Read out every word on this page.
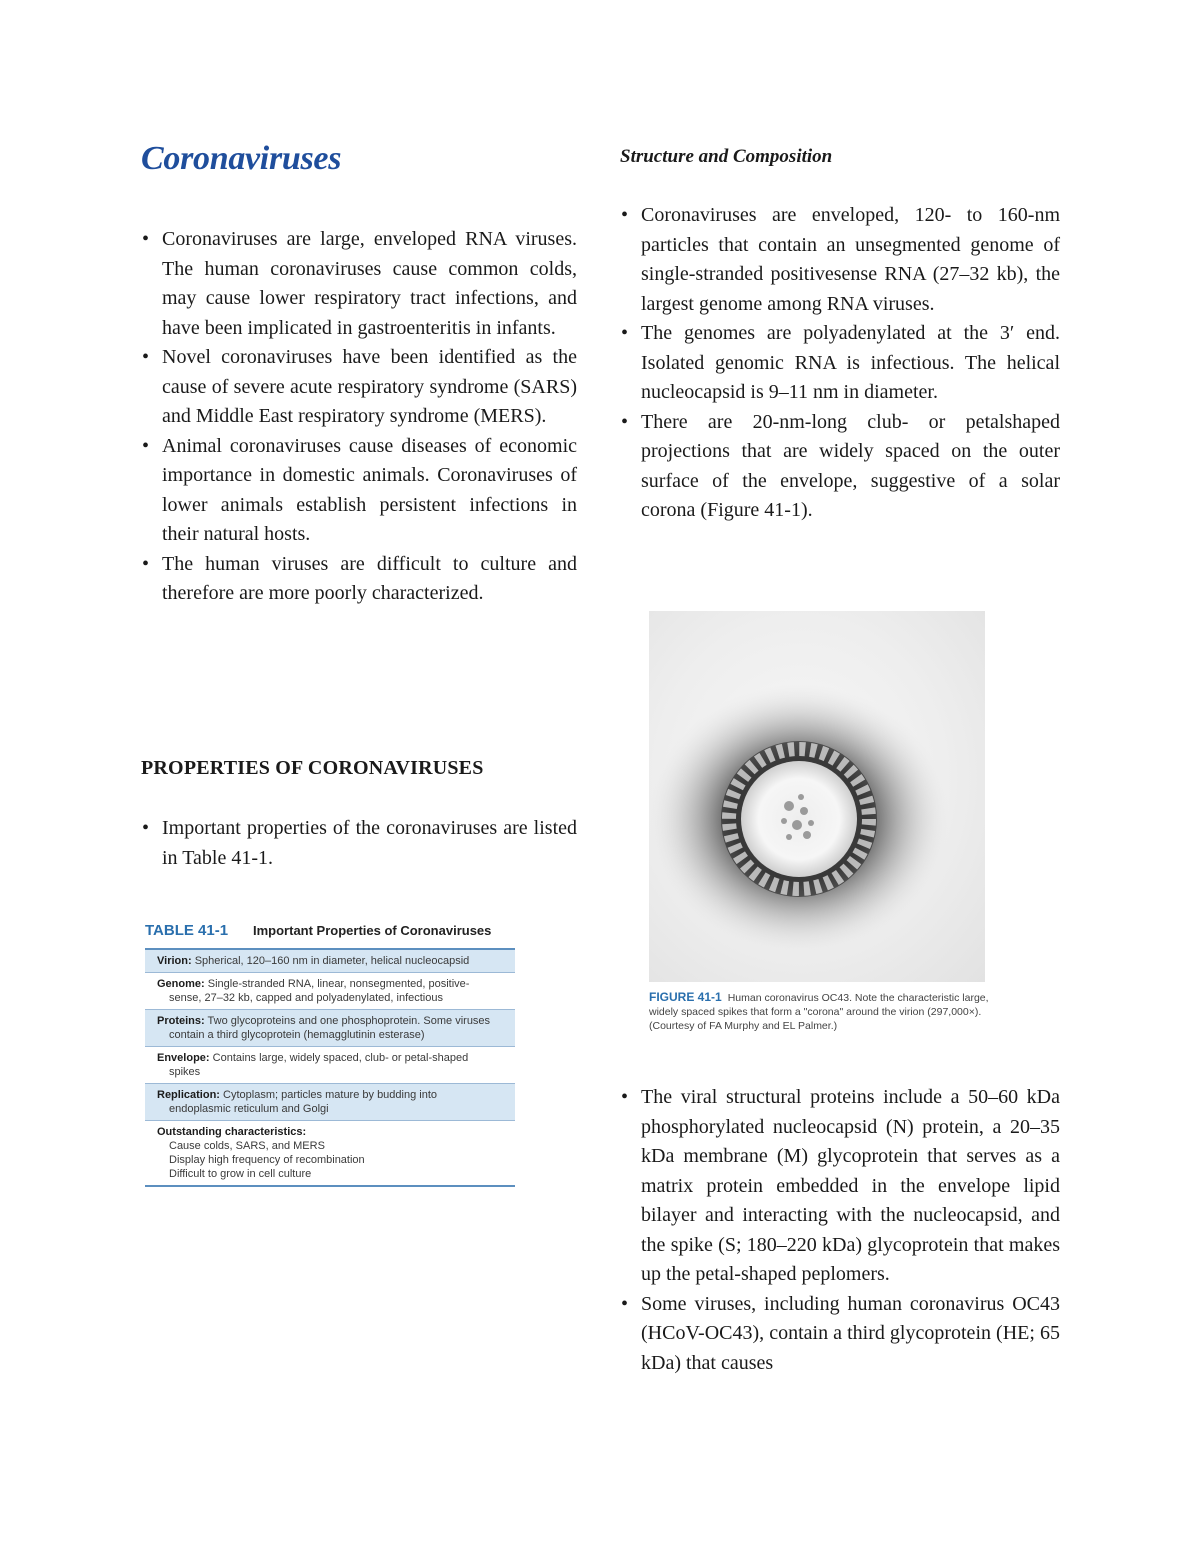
Coronaviruses
• Coronaviruses are large, enveloped RNA viruses. The human coronaviruses cause common colds, may cause lower respiratory tract infections, and have been implicated in gastroenteritis in infants.
• Novel coronaviruses have been identified as the cause of severe acute respiratory syndrome (SARS) and Middle East respiratory syndrome (MERS).
• Animal coronaviruses cause diseases of economic importance in domestic animals. Coronaviruses of lower animals establish persistent infections in their natural hosts.
• The human viruses are difficult to culture and therefore are more poorly characterized.
PROPERTIES OF CORONAVIRUSES
• Important properties of the coronaviruses are listed in Table 41-1.
TABLE 41-1	Important Properties of Coronaviruses
Virion: Spherical, 120–160 nm in diameter, helical nucleocapsid
Genome: Single-stranded RNA, linear, nonsegmented, positive-
sense, 27–32 kb, capped and polyadenylated, infectious
Proteins: Two glycoproteins and one phosphoprotein. Some viruses
contain a third glycoprotein (hemagglutinin esterase)
Envelope: Contains large, widely spaced, club- or petal-shaped
spikes
Replication: Cytoplasm; particles mature by budding into
endoplasmic reticulum and Golgi
Outstanding characteristics:
Cause colds, SARS, and MERS
Display high frequency of recombination
Difficult to grow in cell culture
Structure and Composition
• Coronaviruses are enveloped, 120- to 160-nm particles that contain an unsegmented genome of single-stranded positivesense RNA (27–32 kb), the largest genome among RNA viruses.
• The genomes are polyadenylated at the 3′ end. Isolated genomic RNA is infectious. The helical nucleocapsid is 9–11 nm in diameter.
• There are 20-nm-long club- or petalshaped projections that are widely spaced on the outer surface of the envelope, suggestive of a solar corona (Figure 41-1).
• The viral structural proteins include a 50–60 kDa phosphorylated nucleocapsid (N) protein, a 20–35 kDa membrane (M) glycoprotein that serves as a matrix protein embedded in the envelope lipid bilayer and interacting with the nucleocapsid, and the spike (S; 180–220 kDa) glycoprotein that makes up the petal-shaped peplomers.
• Some viruses, including human coronavirus OC43 (HCoV-OC43), contain a third glycoprotein (HE; 65 kDa) that causes
FIGURE 41-1 Human coronavirus OC43. Note the characteristic large, widely spaced spikes that form a "corona" around the virion (297,000×). (Courtesy of FA Murphy and EL Palmer.)
